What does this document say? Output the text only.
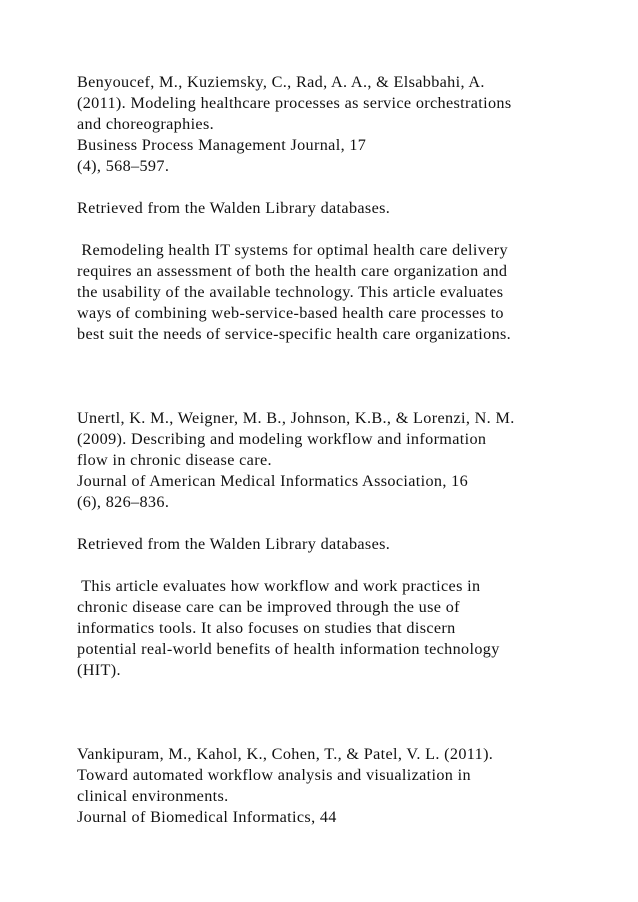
Benyoucef, M., Kuziemsky, C., Rad, A. A., & Elsabbahi, A.
(2011). Modeling healthcare processes as service orchestrations
and choreographies.
Business Process Management Journal, 17
(4), 568–597.
Retrieved from the Walden Library databases.
Remodeling health IT systems for optimal health care delivery
requires an assessment of both the health care organization and
the usability of the available technology. This article evaluates
ways of combining web-service-based health care processes to
best suit the needs of service-specific health care organizations.
Unertl, K. M., Weigner, M. B., Johnson, K.B., & Lorenzi, N. M.
(2009). Describing and modeling workflow and information
flow in chronic disease care.
Journal of American Medical Informatics Association, 16
(6), 826–836.
Retrieved from the Walden Library databases.
This article evaluates how workflow and work practices in
chronic disease care can be improved through the use of
informatics tools. It also focuses on studies that discern
potential real-world benefits of health information technology
(HIT).
Vankipuram, M., Kahol, K., Cohen, T., & Patel, V. L. (2011).
Toward automated workflow analysis and visualization in
clinical environments.
Journal of Biomedical Informatics, 44
